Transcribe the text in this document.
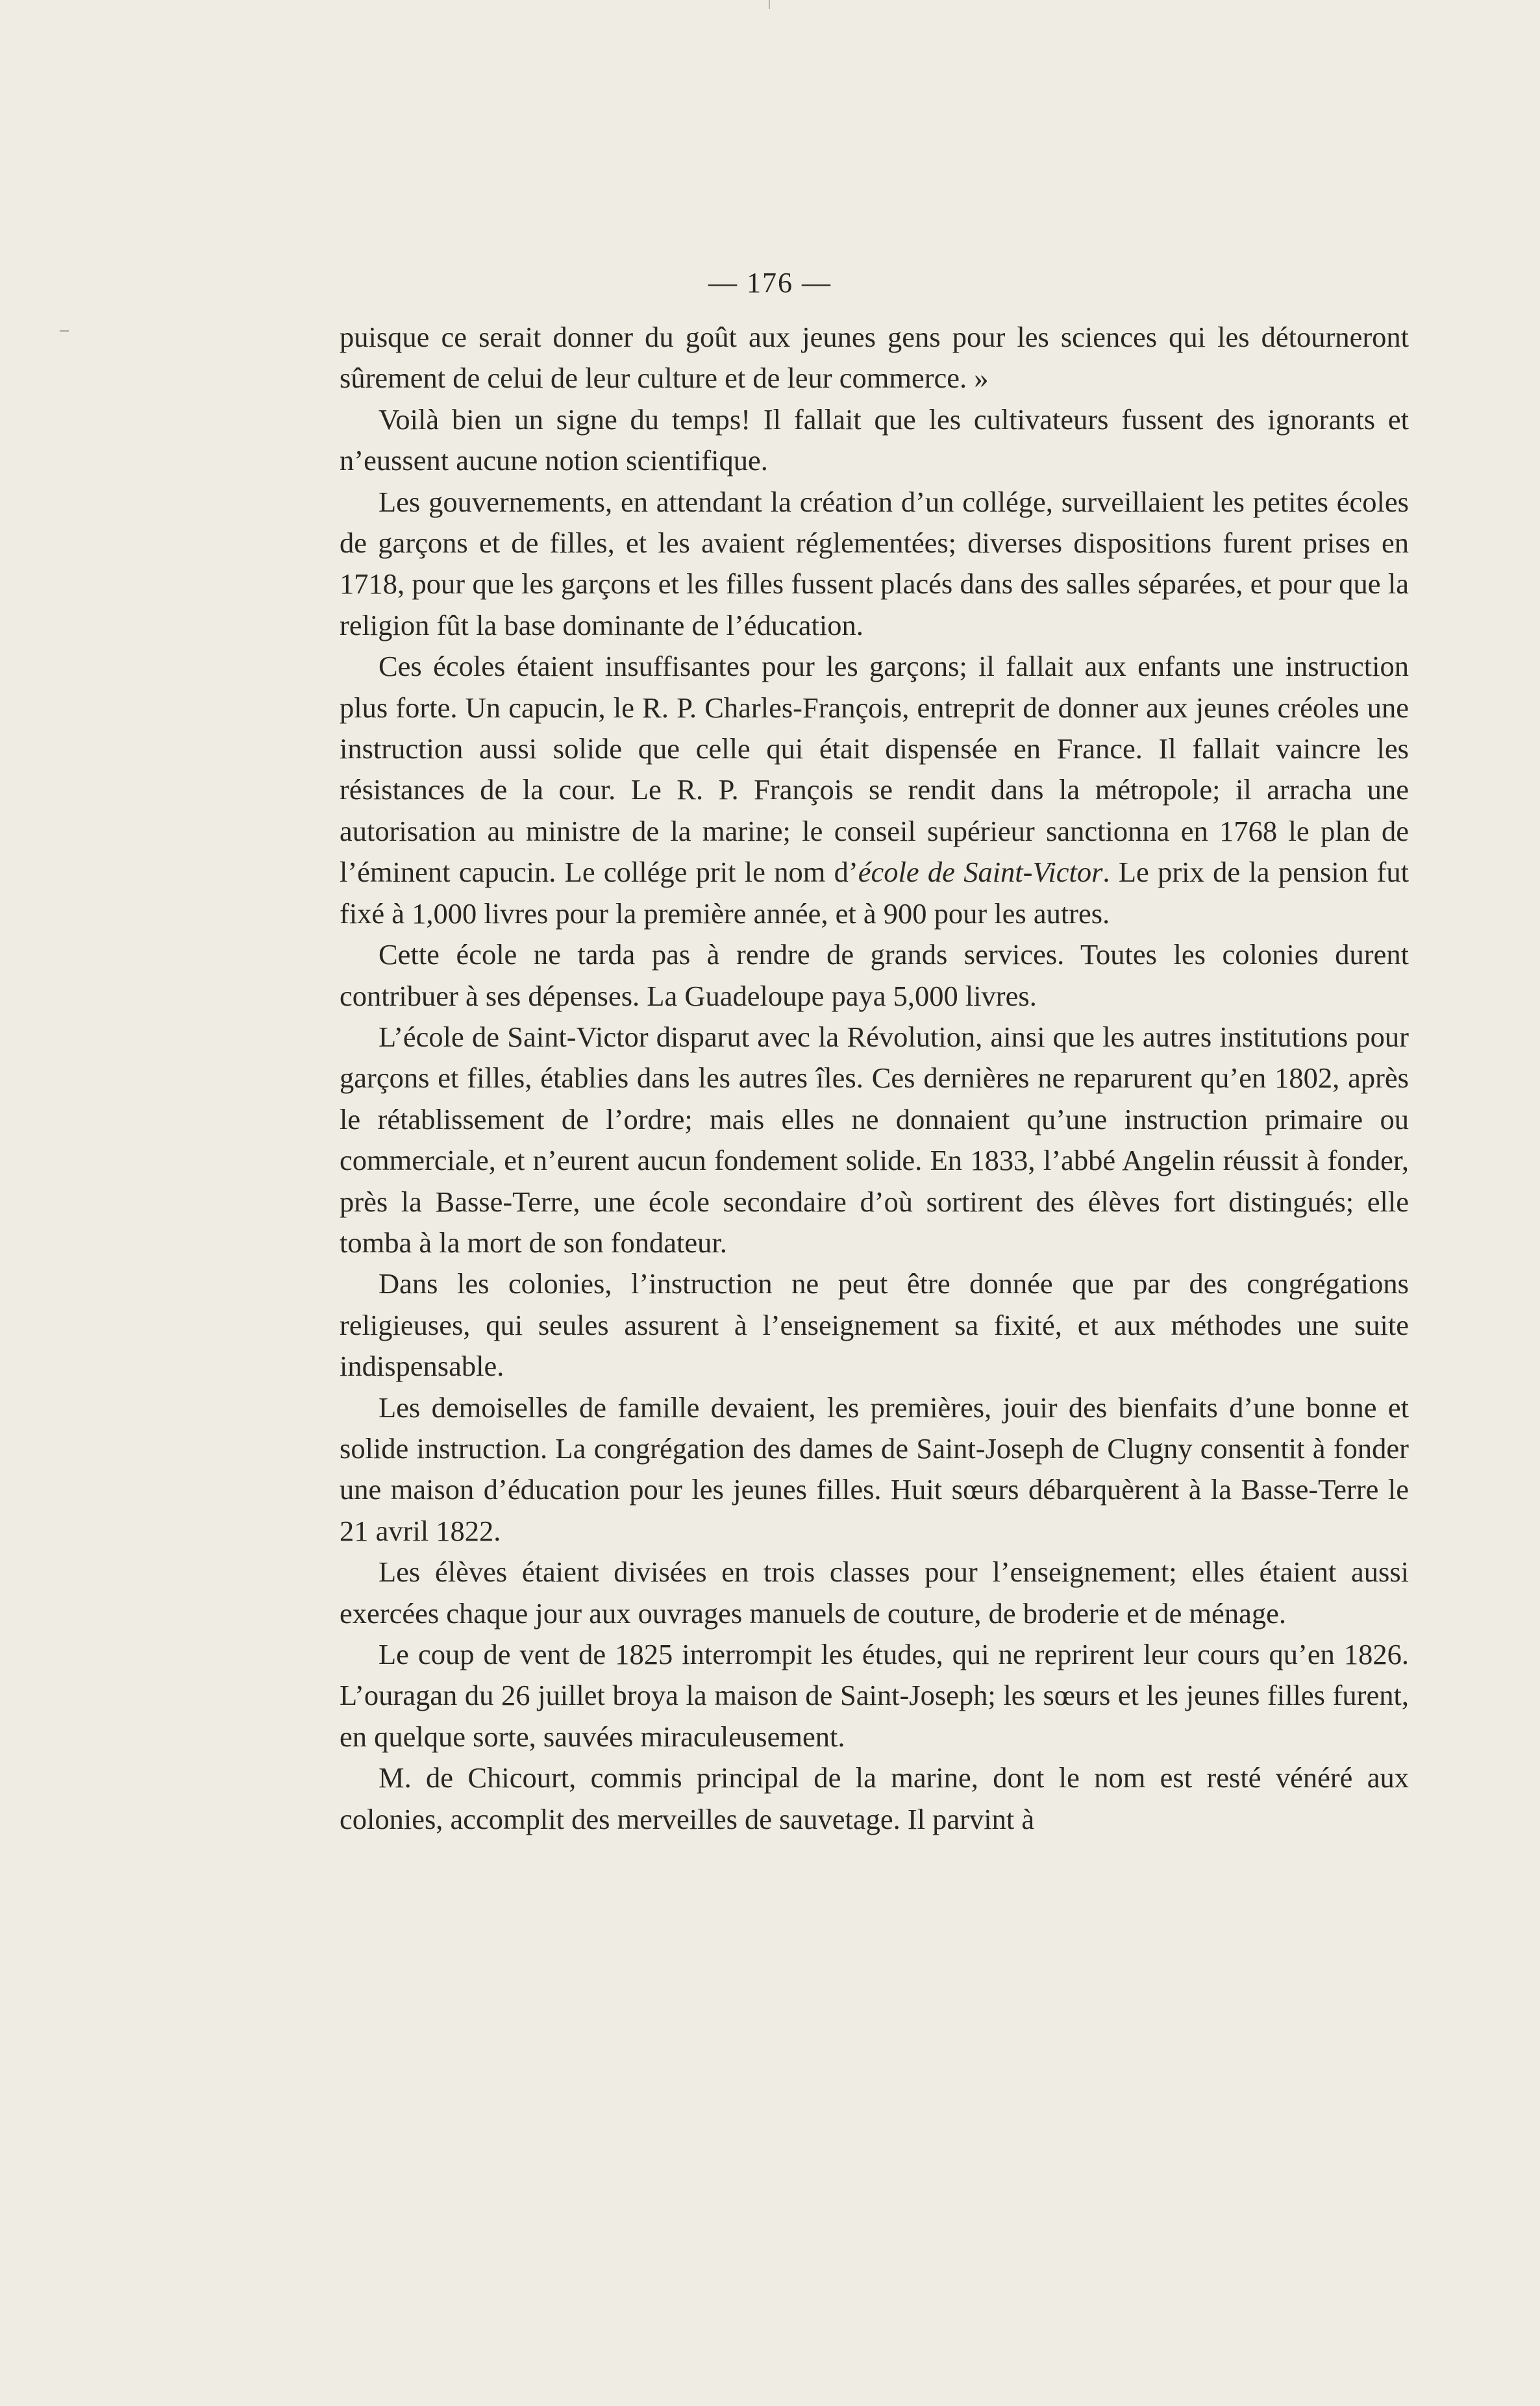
— 176 —

puisque ce serait donner du goût aux jeunes gens pour les sciences qui les détourneront sûrement de celui de leur culture et de leur commerce. »

Voilà bien un signe du temps! Il fallait que les cultivateurs fussent des ignorants et n’eussent aucune notion scientifique.

Les gouvernements, en attendant la création d’un collége, surveillaient les petites écoles de garçons et de filles, et les avaient réglementées; diverses dispositions furent prises en 1718, pour que les garçons et les filles fussent placés dans des salles séparées, et pour que la religion fût la base dominante de l’éducation.

Ces écoles étaient insuffisantes pour les garçons; il fallait aux enfants une instruction plus forte. Un capucin, le R. P. Charles-François, entreprit de donner aux jeunes créoles une instruction aussi solide que celle qui était dispensée en France. Il fallait vaincre les résistances de la cour. Le R. P. François se rendit dans la métropole; il arracha une autorisation au ministre de la marine; le conseil supérieur sanctionna en 1768 le plan de l’éminent capucin. Le collége prit le nom d’école de Saint-Victor. Le prix de la pension fut fixé à 1,000 livres pour la première année, et à 900 pour les autres.

Cette école ne tarda pas à rendre de grands services. Toutes les colonies durent contribuer à ses dépenses. La Guadeloupe paya 5,000 livres.

L’école de Saint-Victor disparut avec la Révolution, ainsi que les autres institutions pour garçons et filles, établies dans les autres îles. Ces dernières ne reparurent qu’en 1802, après le rétablissement de l’ordre; mais elles ne donnaient qu’une instruction primaire ou commerciale, et n’eurent aucun fondement solide. En 1833, l’abbé Angelin réussit à fonder, près la Basse-Terre, une école secondaire d’où sortirent des élèves fort distingués; elle tomba à la mort de son fondateur.

Dans les colonies, l’instruction ne peut être donnée que par des congrégations religieuses, qui seules assurent à l’enseignement sa fixité, et aux méthodes une suite indispensable.

Les demoiselles de famille devaient, les premières, jouir des bienfaits d’une bonne et solide instruction. La congrégation des dames de Saint-Joseph de Clugny consentit à fonder une maison d’éducation pour les jeunes filles. Huit sœurs débarquèrent à la Basse-Terre le 21 avril 1822.

Les élèves étaient divisées en trois classes pour l’enseignement; elles étaient aussi exercées chaque jour aux ouvrages manuels de couture, de broderie et de ménage.

Le coup de vent de 1825 interrompit les études, qui ne reprirent leur cours qu’en 1826. L’ouragan du 26 juillet broya la maison de Saint-Joseph; les sœurs et les jeunes filles furent, en quelque sorte, sauvées miraculeusement.

M. de Chicourt, commis principal de la marine, dont le nom est resté vénéré aux colonies, accomplit des merveilles de sauvetage. Il parvint à
